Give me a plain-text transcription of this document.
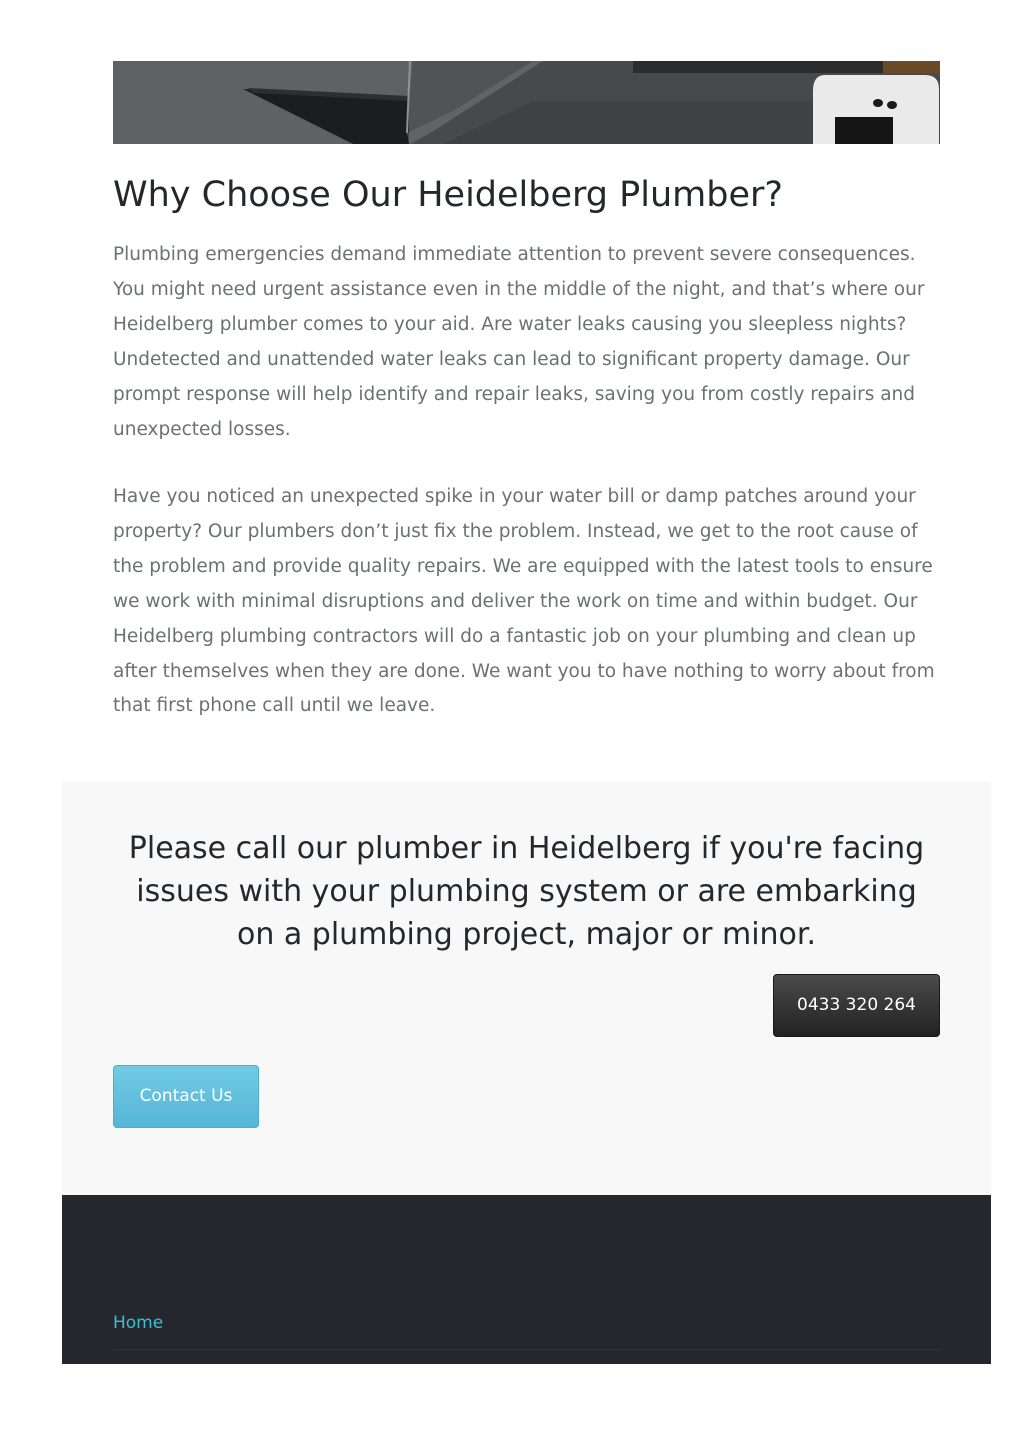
Why Choose Our Heidelberg Plumber?

Plumbing emergencies demand immediate attention to prevent severe consequences. You might need urgent assistance even in the middle of the night, and that’s where our Heidelberg plumber comes to your aid. Are water leaks causing you sleepless nights? Undetected and unattended water leaks can lead to significant property damage. Our prompt response will help identify and repair leaks, saving you from costly repairs and unexpected losses.

Have you noticed an unexpected spike in your water bill or damp patches around your property? Our plumbers don’t just fix the problem. Instead, we get to the root cause of the problem and provide quality repairs. We are equipped with the latest tools to ensure we work with minimal disruptions and deliver the work on time and within budget. Our Heidelberg plumbing contractors will do a fantastic job on your plumbing and clean up after themselves when they are done. We want you to have nothing to worry about from that first phone call until we leave.

Please call our plumber in Heidelberg if you're facing issues with your plumbing system or are embarking on a plumbing project, major or minor.
0433 320 264
Contact Us
Home
